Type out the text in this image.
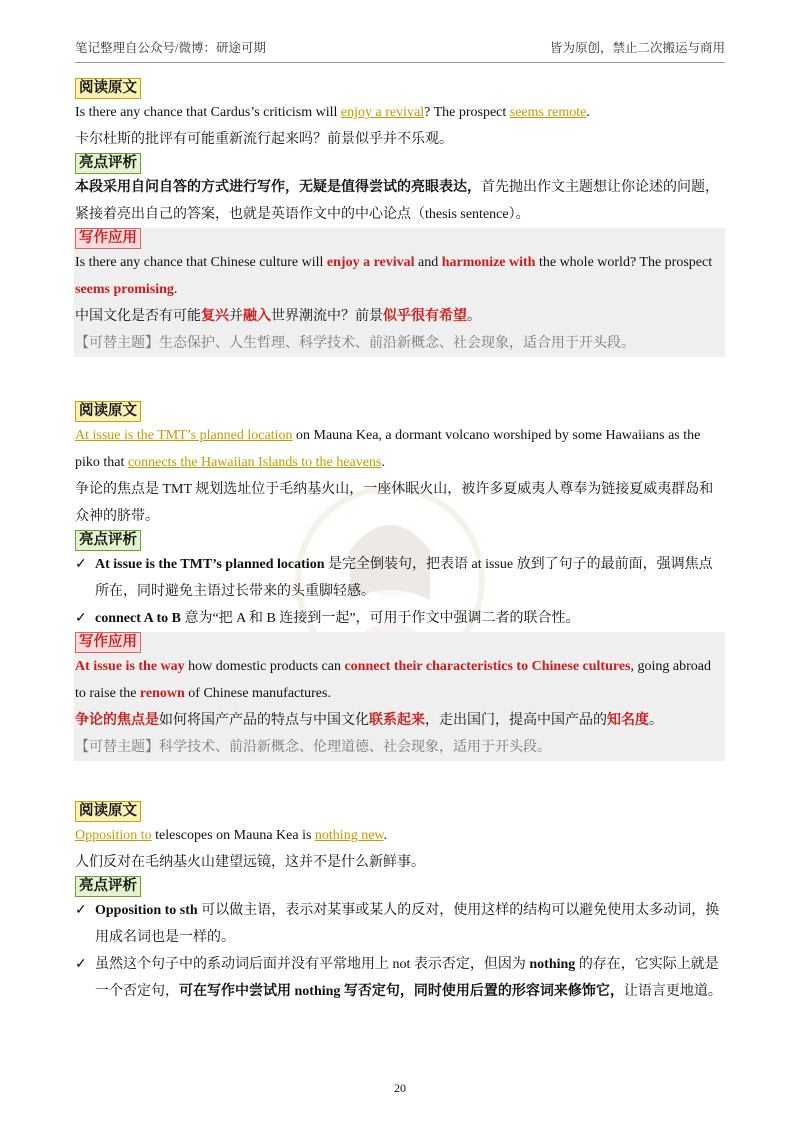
笔记整理自公众号/微博：研途可期	皆为原创，禁止二次搬运与商用
阅读原文

Is there any chance that Cardus’s criticism will enjoy a revival? The prospect seems remote.

卡尔杜斯的批评有可能重新流行起来吗？前景似乎并不乐观。

亮点评析

本段采用自问自答的方式进行写作，无疑是值得尝试的亮眼表达，首先抛出作文主题想让你论述的问题，紧接着亮出自己的答案，也就是英语作文中的中心论点（thesis sentence）。

写作应用

Is there any chance that Chinese culture will enjoy a revival and harmonize with the whole world? The prospect seems promising.

中国文化是否有可能复兴并融入世界潮流中？前景似乎很有希望。

【可替主题】生态保护、人生哲理、科学技术、前沿新概念、社会现象，适合用于开头段。

阅读原文

At issue is the TMT’s planned location on Mauna Kea, a dormant volcano worshiped by some Hawaiians as the piko that connects the Hawaiian Islands to the heavens.

争论的焦点是 TMT 规划选址位于毛纳基火山，一座休眠火山，被许多夏威夷人尊奉为链接夏威夷群岛和众神的脐带。

亮点评析

✓ At issue is the TMT’s planned location 是完全倒装句，把表语 at issue 放到了句子的最前面，强调焦点所在，同时避免主语过长带来的头重脚轻感。

✓ connect A to B 意为“把 A 和 B 连接到一起”，可用于作文中强调二者的联合性。

写作应用

At issue is the way how domestic products can connect their characteristics to Chinese cultures, going abroad to raise the renown of Chinese manufactures.

争论的焦点是如何将国产产品的特点与中国文化联系起来，走出国门，提高中国产品的知名度。

【可替主题】科学技术、前沿新概念、伦理道德、社会现象，适用于开头段。

阅读原文

Opposition to telescopes on Mauna Kea is nothing new.

人们反对在毛纳基火山建望远镜，这并不是什么新鲜事。

亮点评析

✓ Opposition to sth 可以做主语，表示对某事或某人的反对，使用这样的结构可以避免使用太多动词，换用成名词也是一样的。

✓ 虽然这个句子中的系动词后面并没有平常地用上 not 表示否定，但因为 nothing 的存在，它实际上就是一个否定句，可在写作中尝试用 nothing 写否定句，同时使用后置的形容词来修饰它，让语言更地道。

20
